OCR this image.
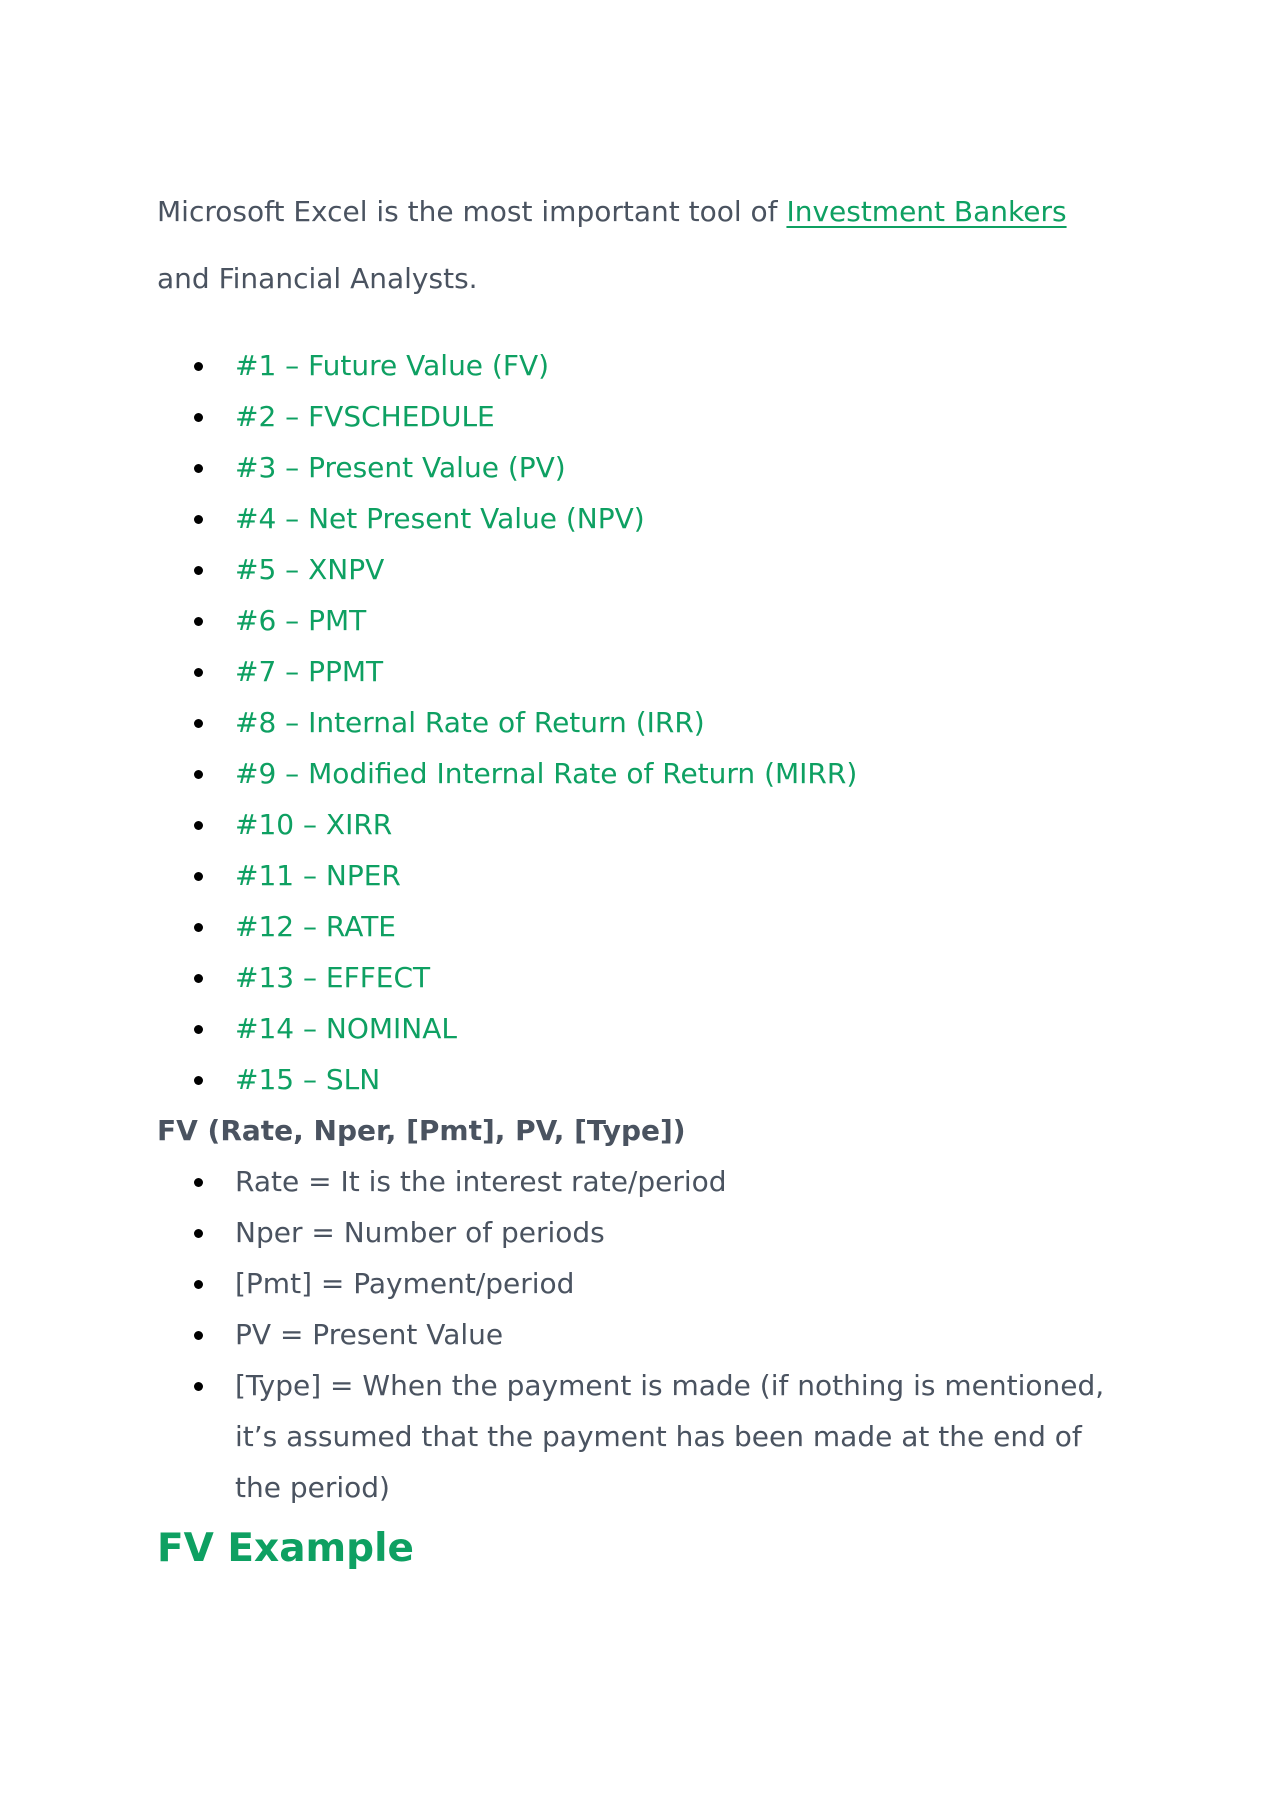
Microsoft Excel is the most important tool of Investment Bankers and Financial Analysts.

#1 – Future Value (FV)
#2 – FVSCHEDULE
#3 – Present Value (PV)
#4 – Net Present Value (NPV)
#5 – XNPV
#6 – PMT
#7 – PPMT
#8 – Internal Rate of Return (IRR)
#9 – Modified Internal Rate of Return (MIRR)
#10 – XIRR
#11 – NPER
#12 – RATE
#13 – EFFECT
#14 – NOMINAL
#15 – SLN

FV (Rate, Nper, [Pmt], PV, [Type])

Rate = It is the interest rate/period
Nper = Number of periods
[Pmt] = Payment/period
PV = Present Value
[Type] = When the payment is made (if nothing is mentioned, it’s assumed that the payment has been made at the end of the period)
FV Example
